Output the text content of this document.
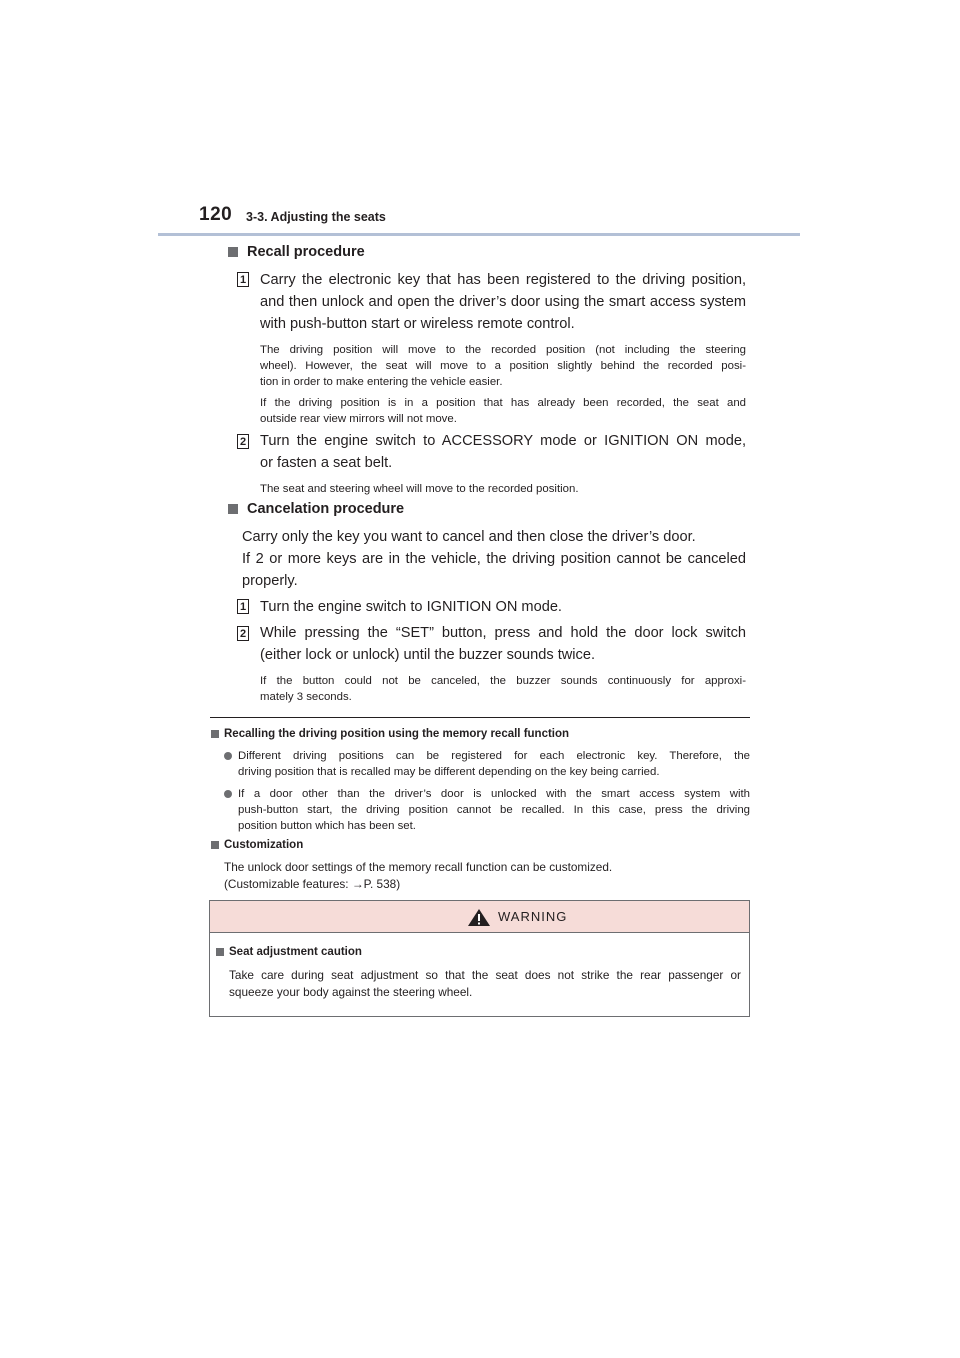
120 3-3. Adjusting the seats
Recall procedure
1 Carry the electronic key that has been registered to the driving position,
and then unlock and open the driver’s door using the smart access system
with push-button start or wireless remote control.
The driving position will move to the recorded position (not including the steering
wheel). However, the seat will move to a position slightly behind the recorded posi-
tion in order to make entering the vehicle easier.
If the driving position is in a position that has already been recorded, the seat and
outside rear view mirrors will not move.
2 Turn the engine switch to ACCESSORY mode or IGNITION ON mode,
or fasten a seat belt.
The seat and steering wheel will move to the recorded position.
Cancelation procedure
Carry only the key you want to cancel and then close the driver’s door.
If 2 or more keys are in the vehicle, the driving position cannot be canceled
properly.
1 Turn the engine switch to IGNITION ON mode.
2 While pressing the “SET” button, press and hold the door lock switch
(either lock or unlock) until the buzzer sounds twice.
If the button could not be canceled, the buzzer sounds continuously for approxi-
mately 3 seconds.
Recalling the driving position using the memory recall function
Different driving positions can be registered for each electronic key. Therefore, the
driving position that is recalled may be different depending on the key being carried.
If a door other than the driver’s door is unlocked with the smart access system with
push-button start, the driving position cannot be recalled. In this case, press the driving
position button which has been set.
Customization
The unlock door settings of the memory recall function can be customized.
(Customizable features: →P. 538)
WARNING
Seat adjustment caution
Take care during seat adjustment so that the seat does not strike the rear passenger or
squeeze your body against the steering wheel.
